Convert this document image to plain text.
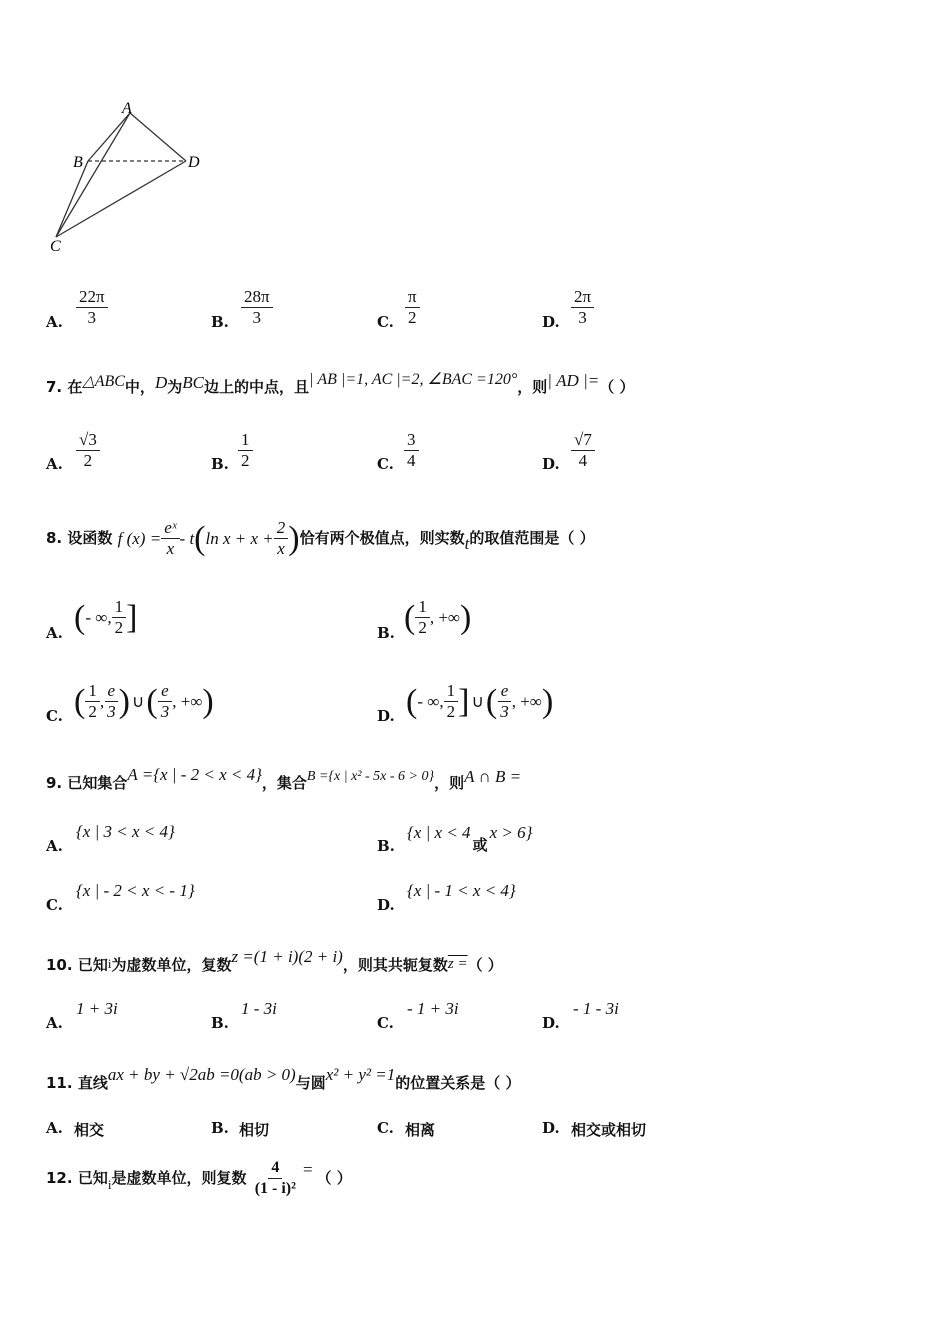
A
B
C
D
A. $\frac{22\pi}{3}$	B. $\frac{28\pi}{3}$	C. $\frac{\pi}{2}$	D. $\frac{2\pi}{3}$
7. 在△ABC中，D为BC边上的中点，且| AB |=1, AC |=2, ∠BAC =120°，则| AD |=（ ）
A. $\frac{√3}{2}$	B. $\frac{1}{2}$	C. $\frac{3}{4}$	D. $\frac{√7}{4}$
8. 设函数 f $(x) = \frac{\text{eˣ}}{x} - t$ ( $\ln x + x + \frac{2}{x}$ ) 恰有两个极值点，则实数t的取值范围是（ ）
A. ( - ∞, $\frac{1}{2}$ ]	B. ( $\frac{1}{2}$ , +∞ )
C. ( $\frac{1}{2}$ , $\frac{e}{3}$ ) ∪ ( $\frac{e}{3}$ , +∞ )	D. ( - ∞, $\frac{1}{2}$ ] ∪ ( $\frac{e}{3}$ , +∞ )
9. 已知集合A ={x | - 2 < x < 4}，集合B ={x | x² - 5x - 6 > 0}，则A ∩ B =
A.
{x | 3 < x < 4}
B.
{x | x < 4或x > 6}
C.
{x | - 2 < x < - 1}
D.
{x | - 1 < x < 4}
10. 已知i为虚数单位，复数z =(1 + i)(2 + i)，则其共轭复数z =（ ）
A.
1 + 3i
B.
1 - 3i
C.
- 1 + 3i
D.
- 1 - 3i
11. 直线ax + by + √2ab =0(ab > 0)与圆x² + y² =1的位置关系是（ ）
A. 相交	B. 相切	C. 相离	D. 相交或相切
12. 已知i是虚数单位，则复数 $\frac{4}{\text{(1 - i)²}}$ = （ ）
